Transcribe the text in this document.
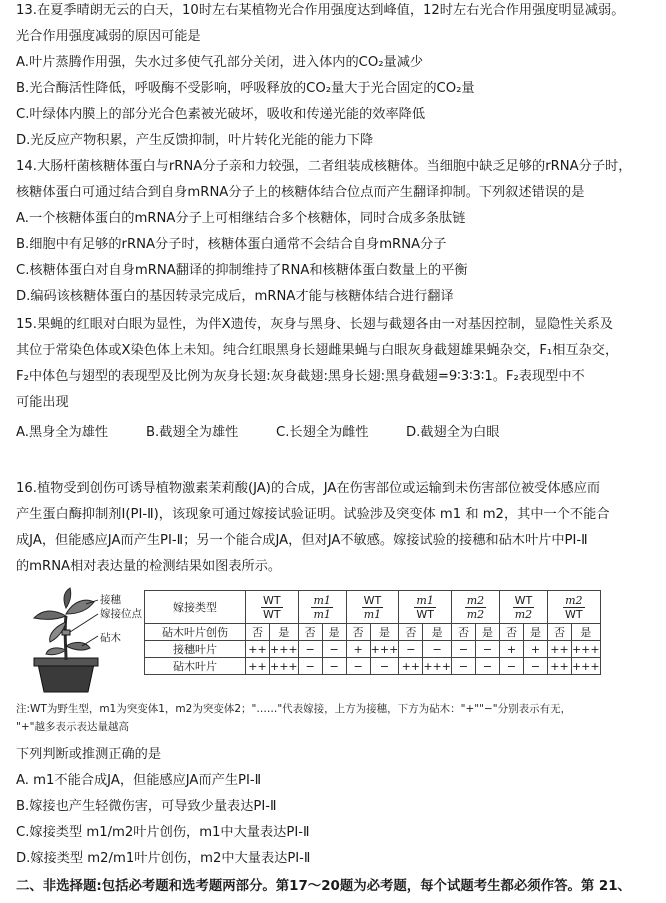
13.在夏季晴朗无云的白天，10时左右某植物光合作用强度达到峰值，12时左右光合作用强度明显减弱。
光合作用强度减弱的原因可能是
A.叶片蒸腾作用强，失水过多使气孔部分关闭，进入体内的CO₂量减少
B.光合酶活性降低，呼吸酶不受影响，呼吸释放的CO₂量大于光合固定的CO₂量
C.叶绿体内膜上的部分光合色素被光破坏，吸收和传递光能的效率降低
D.光反应产物积累，产生反馈抑制，叶片转化光能的能力下降
14.大肠杆菌核糖体蛋白与rRNA分子亲和力较强，二者组装成核糖体。当细胞中缺乏足够的rRNA分子时，
核糖体蛋白可通过结合到自身mRNA分子上的核糖体结合位点而产生翻译抑制。下列叙述错误的是
A.一个核糖体蛋白的mRNA分子上可相继结合多个核糖体，同时合成多条肽链
B.细胞中有足够的rRNA分子时，核糖体蛋白通常不会结合自身mRNA分子
C.核糖体蛋白对自身mRNA翻译的抑制维持了RNA和核糖体蛋白数量上的平衡
D.编码该核糖体蛋白的基因转录完成后，mRNA才能与核糖体结合进行翻译
15.果蝇的红眼对白眼为显性，为伴X遗传，灰身与黑身、长翅与截翅各由一对基因控制，显隐性关系及
其位于常染色体或X染色体上未知。纯合红眼黑身长翅雌果蝇与白眼灰身截翅雄果蝇杂交，F₁相互杂交，
F₂中体色与翅型的表现型及比例为灰身长翅:灰身截翅:黑身长翅:黑身截翅=9∶3∶3∶1。F₂表现型中不
可能出现
A.黑身全为雄性	B.截翅全为雄性	C.长翅全为雌性	D.截翅全为白眼
16.植物受到创伤可诱导植物激素茉莉酸(JA)的合成，JA在伤害部位或运输到未伤害部位被受体感应而
产生蛋白酶抑制剂Ⅰ(PI-Ⅱ)，该现象可通过嫁接试验证明。试验涉及突变体 m1 和 m2，其中一个不能合
成JA，但能感应JA而产生PI-Ⅱ；另一个能合成JA，但对JA不敏感。嫁接试验的接穗和砧木叶片中PI-Ⅱ
的mRNA相对表达量的检测结果如图表所示。
接穗
嫁接位点
砧木
嫁接类型	$\frac{WT}{WT}$		$\frac{m1}{m1}$		$\frac{WT}{m1}$		$\frac{m1}{WT}$		$\frac{m2}{m2}$		$\frac{WT}{m2}$		$\frac{m2}{WT}$

砧木叶片创伤	否	是	否	是	否	是	否	是	否	是	否	是	否	是
接穗叶片	++	+++	−	−	+	+++	−	−	−	−	+	+	++	+++
砧木叶片	++	+++	−	−	−	−	++	+++	−	−	−	−	++	+++
注:WT为野生型，m1为突变体1，m2为突变体2；"……"代表嫁接，上方为接穗，下方为砧木："+""−"分别表示有无，
"+"越多表示表达量越高
下列判断或推测正确的是
A. m1不能合成JA，但能感应JA而产生PI-Ⅱ
B.嫁接也产生轻微伤害，可导致少量表达PI-Ⅱ
C.嫁接类型 m1/m2叶片创伤，m1中大量表达PI-Ⅱ
D.嫁接类型 m2/m1叶片创伤，m2中大量表达PI-Ⅱ
二、非选择题:包括必考题和选考题两部分。第17～20题为必考题，每个试题考生都必须作答。第 21、
